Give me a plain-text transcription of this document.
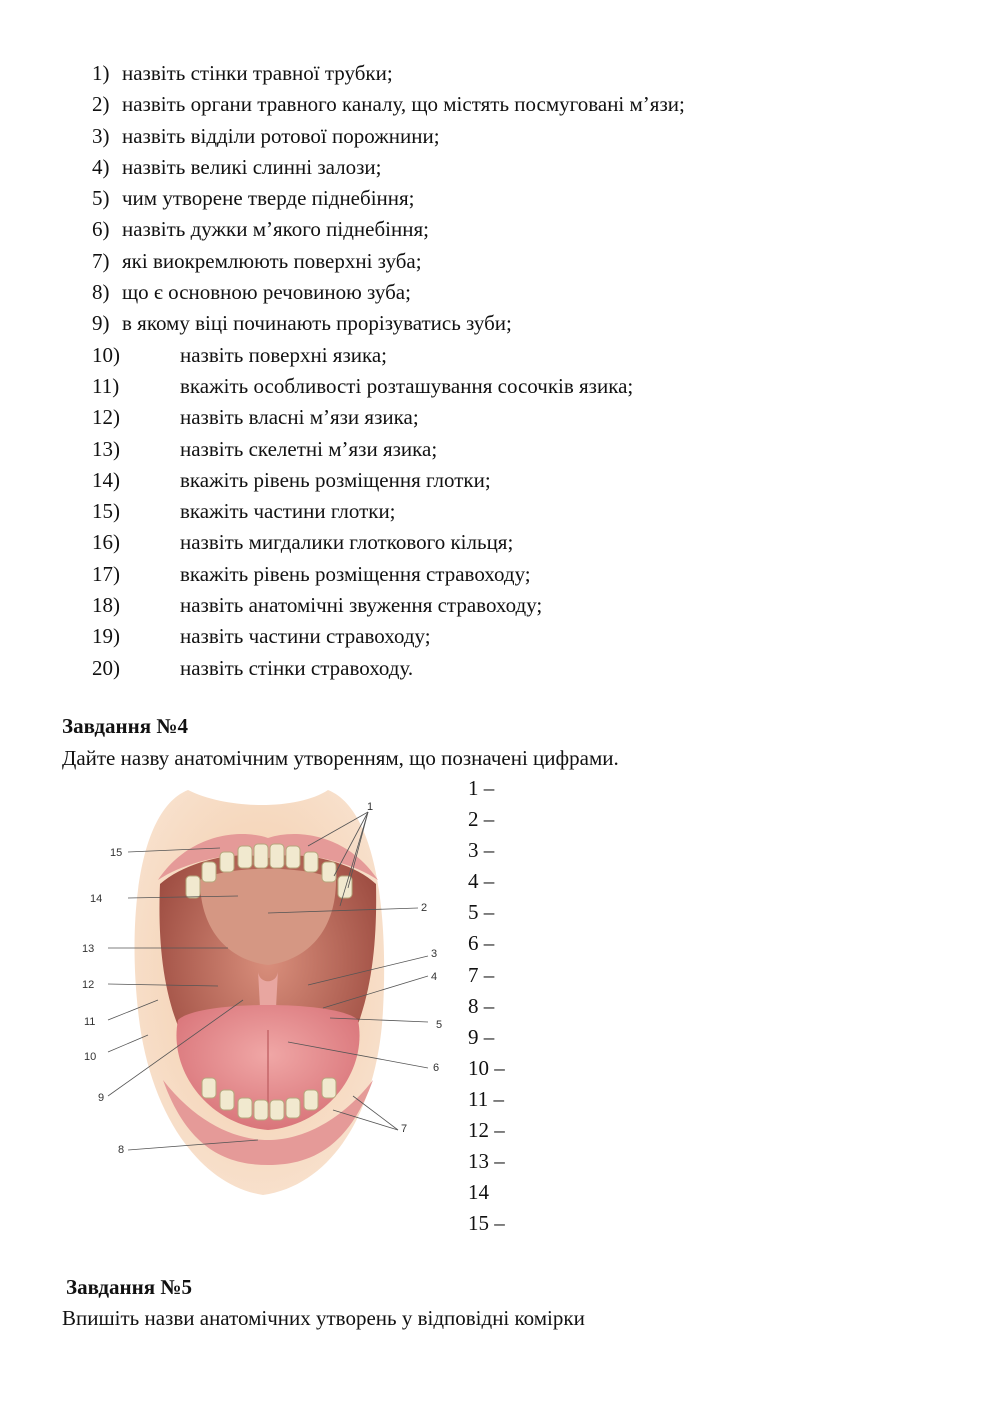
1) назвіть стінки травної трубки;
2) назвіть органи травного каналу, що містять посмуговані м’язи;
3) назвіть відділи ротової порожнини;
4) назвіть великі слинні залози;
5) чим утворене тверде піднебіння;
6) назвіть дужки м’якого піднебіння;
7) які виокремлюють поверхні зуба;
8) що є основною речовиною зуба;
9) в якому віці починають прорізуватись зуби;
10)	назвіть поверхні язика;
11)	вкажіть особливості розташування сосочків язика;
12)	назвіть власні м’язи язика;
13)	назвіть скелетні м’язи язика;
14)	вкажіть рівень розміщення глотки;
15)	вкажіть частини глотки;
16)	назвіть мигдалики глоткового кільця;
17)	вкажіть рівень розміщення стравоходу;
18)	назвіть анатомічні звуження стравоходу;
19)	назвіть частини стравоходу;
20)	назвіть стінки стравоходу.
Завдання №4
Дайте назву анатомічним утворенням, що позначені цифрами.
1
2
3
4
5
6
7
8
9
10
11
12
13
14
15
1 –
2 –
3 –
4 –
5 –
6 –
7 –
8 –
9 –
10 –
11 –
12 –
13 –
14
15 –
Завдання №5
Впишіть назви анатомічних утворень у відповідні комірки
